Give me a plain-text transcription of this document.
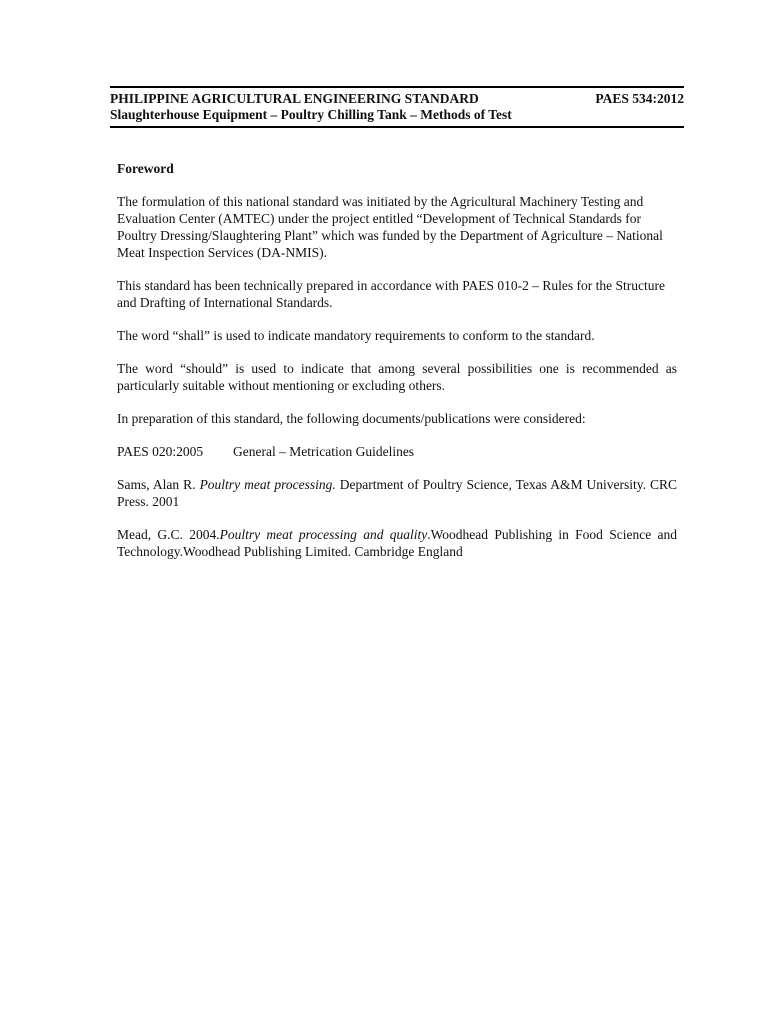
PHILIPPINE AGRICULTURAL ENGINEERING STANDARD	PAES 534:2012
Slaughterhouse Equipment – Poultry Chilling Tank – Methods of Test
Foreword

The formulation of this national standard was initiated by the Agricultural Machinery Testing and Evaluation Center (AMTEC) under the project entitled “Development of Technical Standards for Poultry Dressing/Slaughtering Plant” which was funded by the Department of Agriculture – National Meat Inspection Services (DA-NMIS).

This standard has been technically prepared in accordance with PAES 010-2 – Rules for the Structure and Drafting of International Standards.

The word “shall” is used to indicate mandatory requirements to conform to the standard.

The word “should” is used to indicate that among several possibilities one is recommended as particularly suitable without mentioning or excluding others.

In preparation of this standard, the following documents/publications were considered:

PAES 020:2005 General – Metrication Guidelines
Sams, Alan R. Poultry meat processing. Department of Poultry Science, Texas A&M University. CRC Press. 2001
Mead, G.C. 2004.Poultry meat processing and quality.Woodhead Publishing in Food Science and Technology.Woodhead Publishing Limited. Cambridge England
